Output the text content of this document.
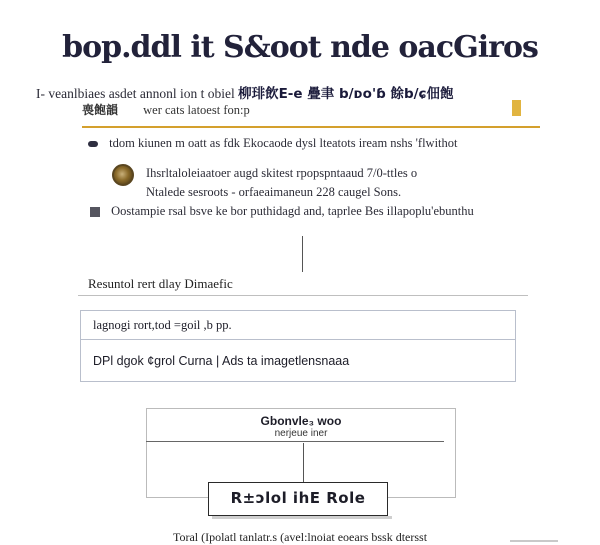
bop.ddl it S&oot nde oacGiros
I- veanlbiaes asdet annonl ion t obiel 柳琲飲E-e 疊聿 b/ᴅᴏ'ɓ 餘b/ɕ佃飽
喪飽韻 wer cats latoest fon:p
tdom kiunen m oatt as fdk Ekocaode dysl lteatots iream nshs 'flwithot
Ihsrltaloleiaatoer augd skitest rpopspntaaud 7/0-ttles o
Ntalede sesroots - orfaeaimaneun 228 caugel Sons.
Oostampie rsal bsve ke bor puthidagd and, taprlee Bes illapoplu'ebunthu
Resuntol rert dlay Dimaefic
lagnogi rort,tod =goil ,b pp.
DPl dgok ¢grol Curna | Ads ta imagetlensnaaa
Gbonvle₃ woo
nerjeue iner
R±ɔlol ihE Role
Toral (Ipolatl tanlatr.s (avel:lnoiat eoears bssk dtersst
